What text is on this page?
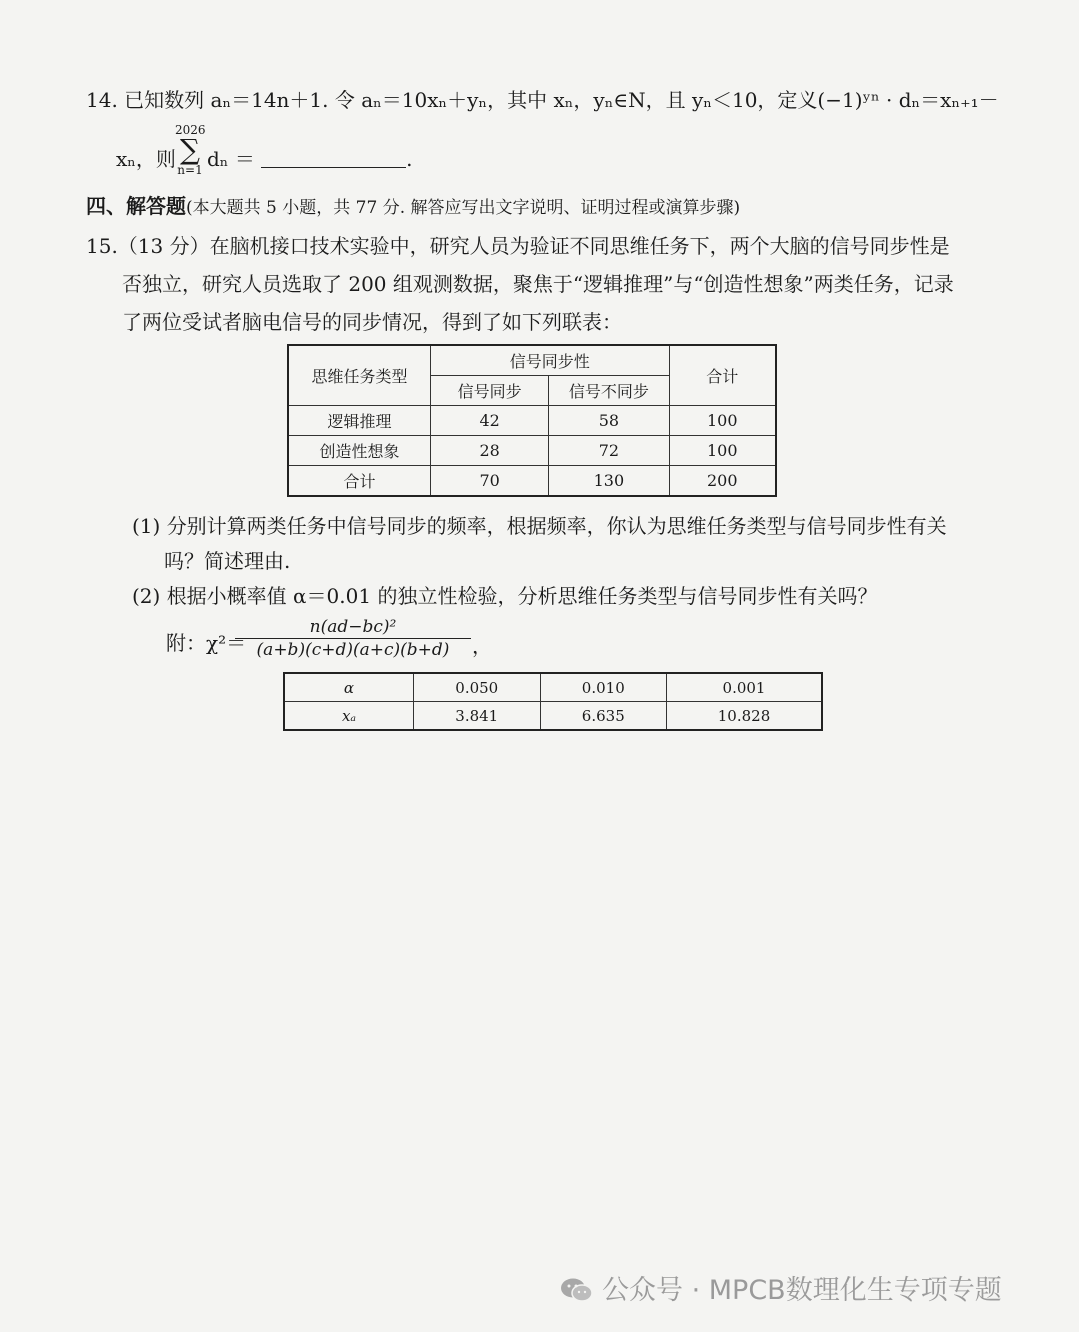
14. 已知数列 aₙ＝14n＋1. 令 aₙ＝10xₙ＋yₙ，其中 xₙ，yₙ∈N，且 yₙ＜10，定义(−1)ʸⁿ · dₙ＝xₙ₊₁－
xₙ，则
2026
∑
n=1 dₙ ＝	.
四、解答题(本大题共 5 小题，共 77 分. 解答应写出文字说明、证明过程或演算步骤)
15.（13 分）在脑机接口技术实验中，研究人员为验证不同思维任务下，两个大脑的信号同步性是
否独立，研究人员选取了 200 组观测数据，聚焦于“逻辑推理”与“创造性想象”两类任务，记录
了两位受试者脑电信号的同步情况，得到了如下列联表：
思维任务类型	信号同步性		合计
	信号同步	信号不同步	
逻辑推理	42	58	100
创造性想象	28	72	100
合计	70	130	200
(1) 分别计算两类任务中信号同步的频率，根据频率，你认为思维任务类型与信号同步性有关
吗？简述理由.
(2) 根据小概率值 α＝0.01 的独立性检验，分析思维任务类型与信号同步性有关吗？
附：χ²＝
$\frac{\text{n(ad−bc)²}}{(a+b)(c+d)(a+c)(b+d)}$ ，
α	0.050	0.010	0.001
xₐ	3.841	6.635	10.828
公众号 · MPCB数理化生专项专题
